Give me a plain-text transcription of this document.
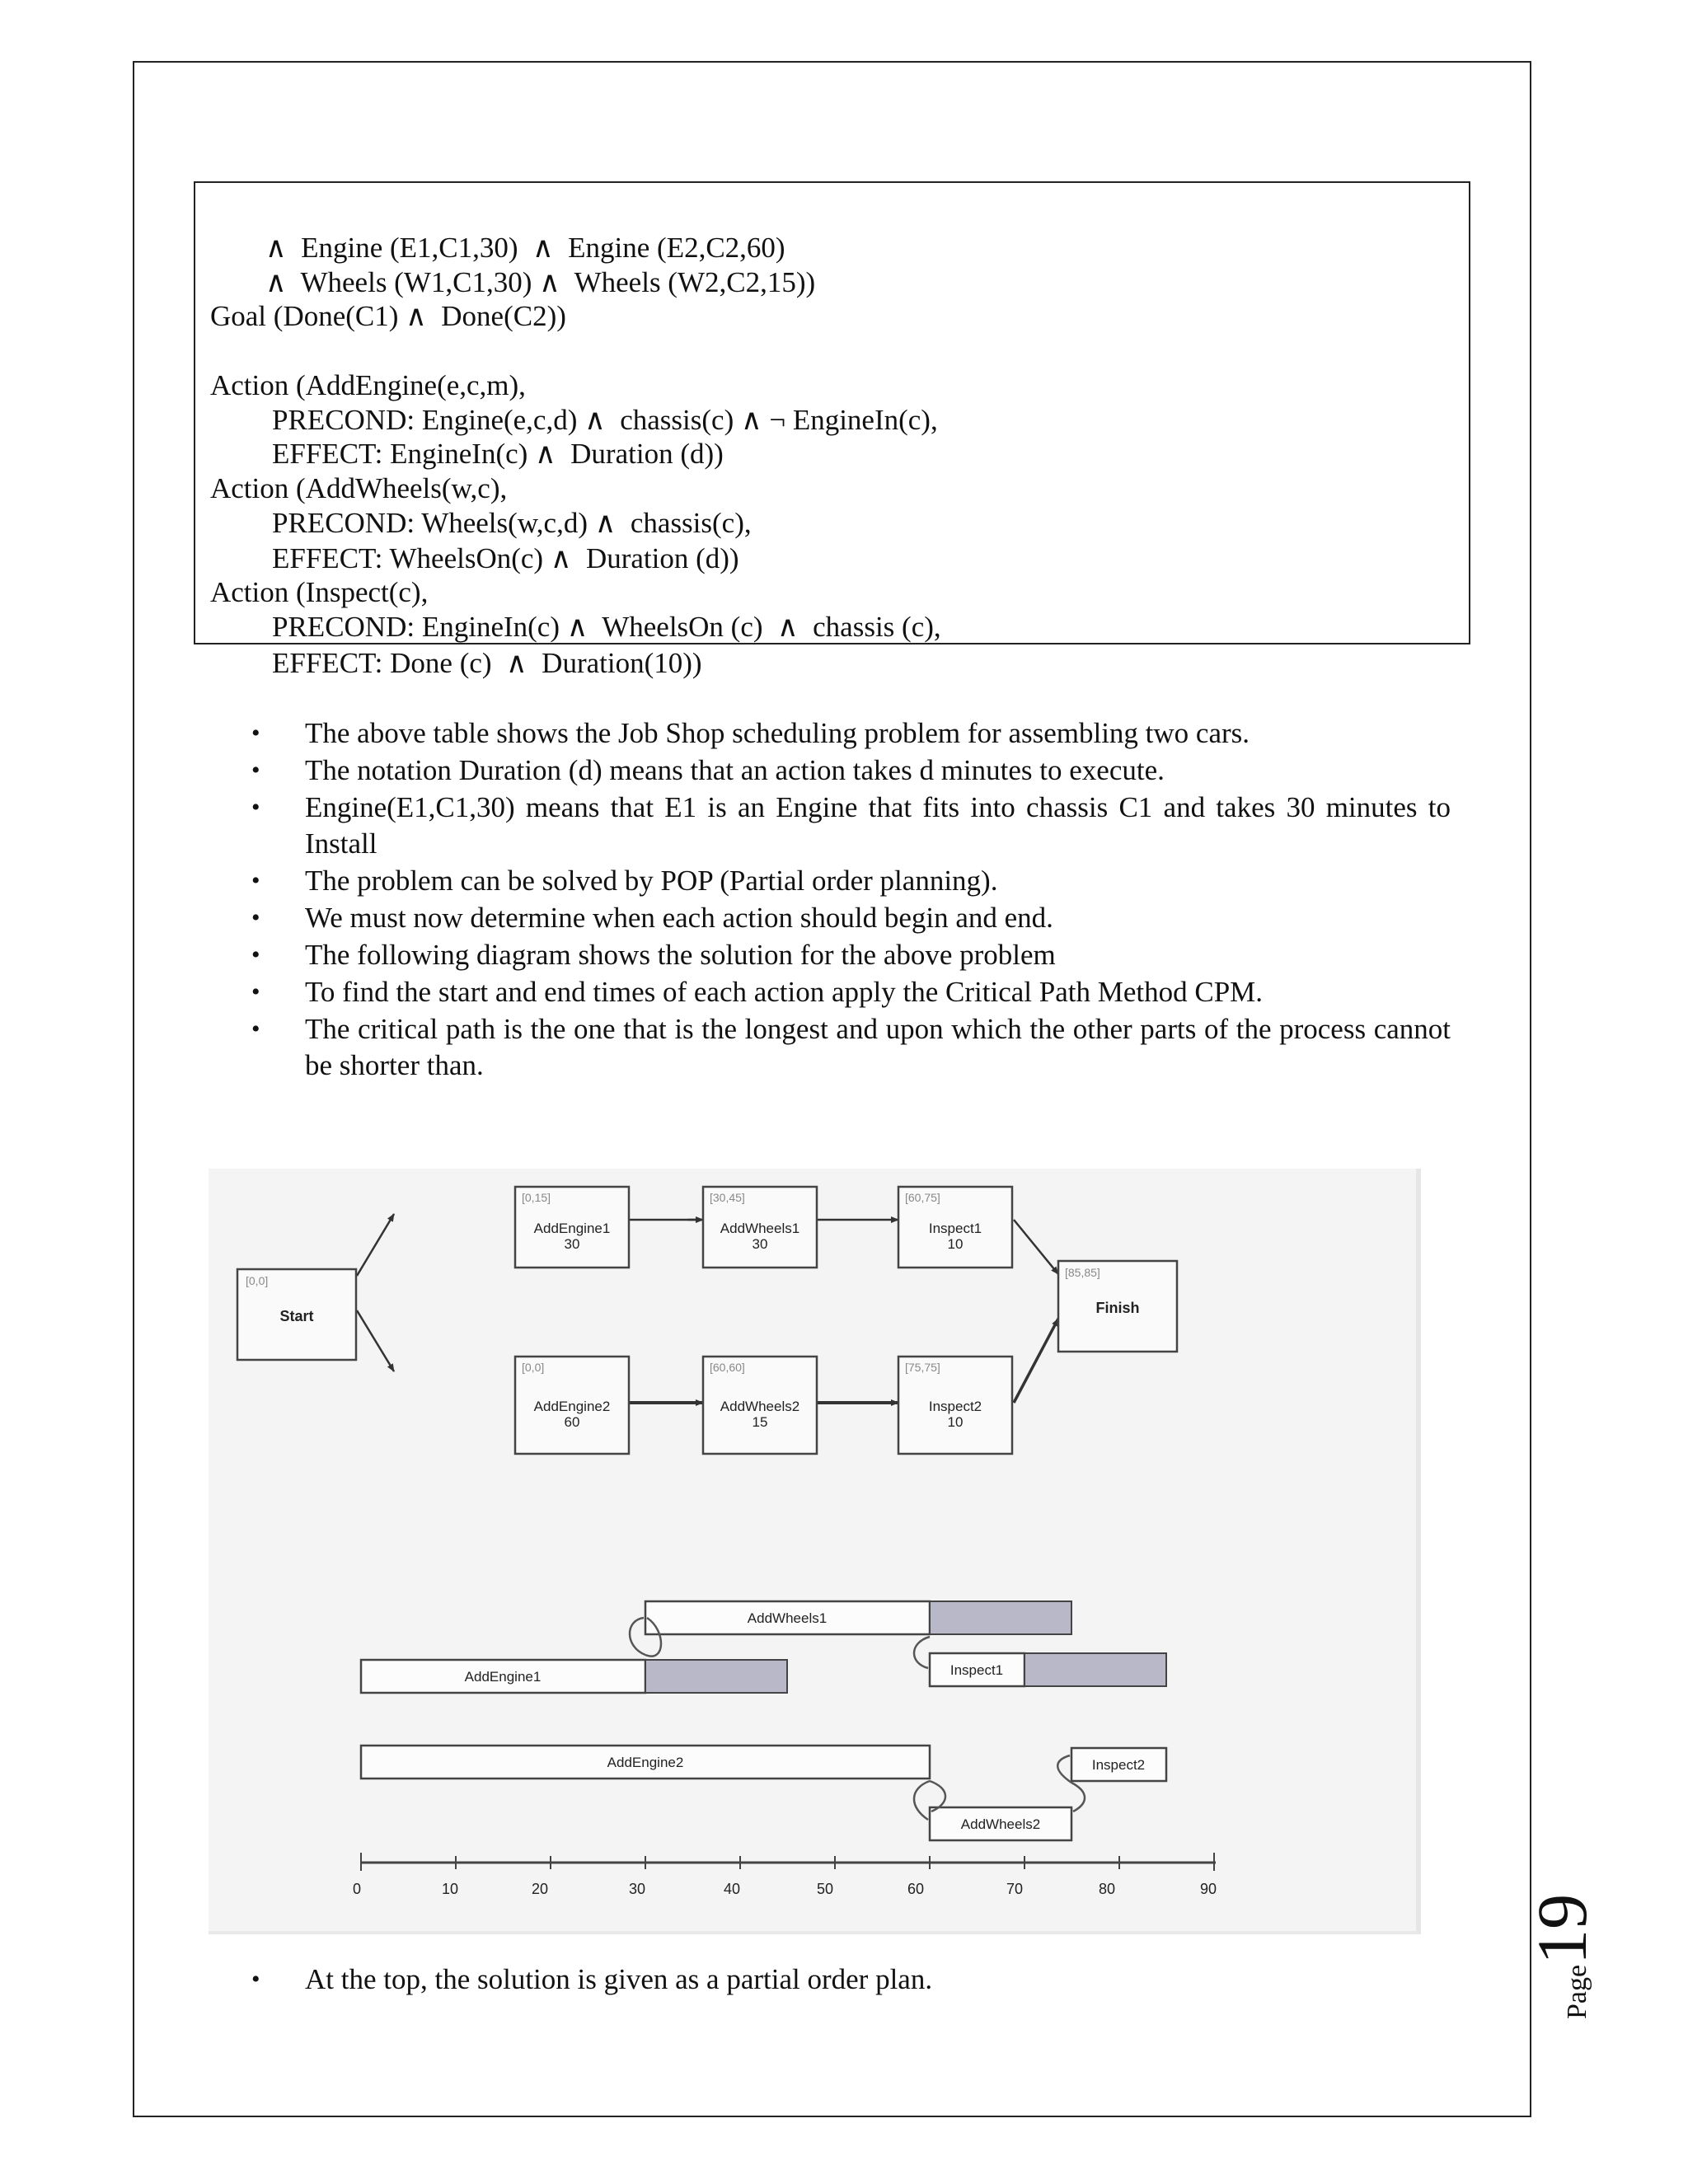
∧  Engine (E1,C1,30)  ∧  Engine (E2,C2,60)
∧  Wheels (W1,C1,30) ∧  Wheels (W2,C2,15))
Goal (Done(C1) ∧  Done(C2))
Action (AddEngine(e,c,m),
PRECOND: Engine(e,c,d) ∧  chassis(c) ∧ ¬ EngineIn(c),
EFFECT: EngineIn(c) ∧  Duration (d))
Action (AddWheels(w,c),
PRECOND: Wheels(w,c,d) ∧  chassis(c),
EFFECT: WheelsOn(c) ∧  Duration (d))
Action (Inspect(c),
PRECOND: EngineIn(c) ∧  WheelsOn (c)  ∧  chassis (c),
EFFECT: Done (c)  ∧  Duration(10))
•	The above table shows the Job Shop scheduling problem for assembling two cars.
•	The notation Duration (d) means that an action takes d minutes to execute.
•	Engine(E1,C1,30) means that E1 is an Engine that fits into chassis C1 and takes 30 minutes to Install
•	The problem can be solved by POP (Partial order planning).
•	We must now determine when each action should begin and end.
•	The following diagram shows the solution for the above problem
•	To find the start and end times of each action apply the Critical Path Method CPM.
•	The critical path is the one that is the longest and upon which the other parts of the process cannot be shorter than.
[0,0]
Start
[0,15]
AddEngine1
30
[30,45]
AddWheels1
30
[60,75]
Inspect1
10
[85,85]
Finish
[0,0]
AddEngine2
60
[60,60]
AddWheels2
15
[75,75]
Inspect2
10
AddWheels1
AddEngine1	Inspect1
AddEngine2	Inspect2
AddWheels2
0	10	20	30	40	50	60	70	80	90
• At the top, the solution is given as a partial order plan.	Page19
